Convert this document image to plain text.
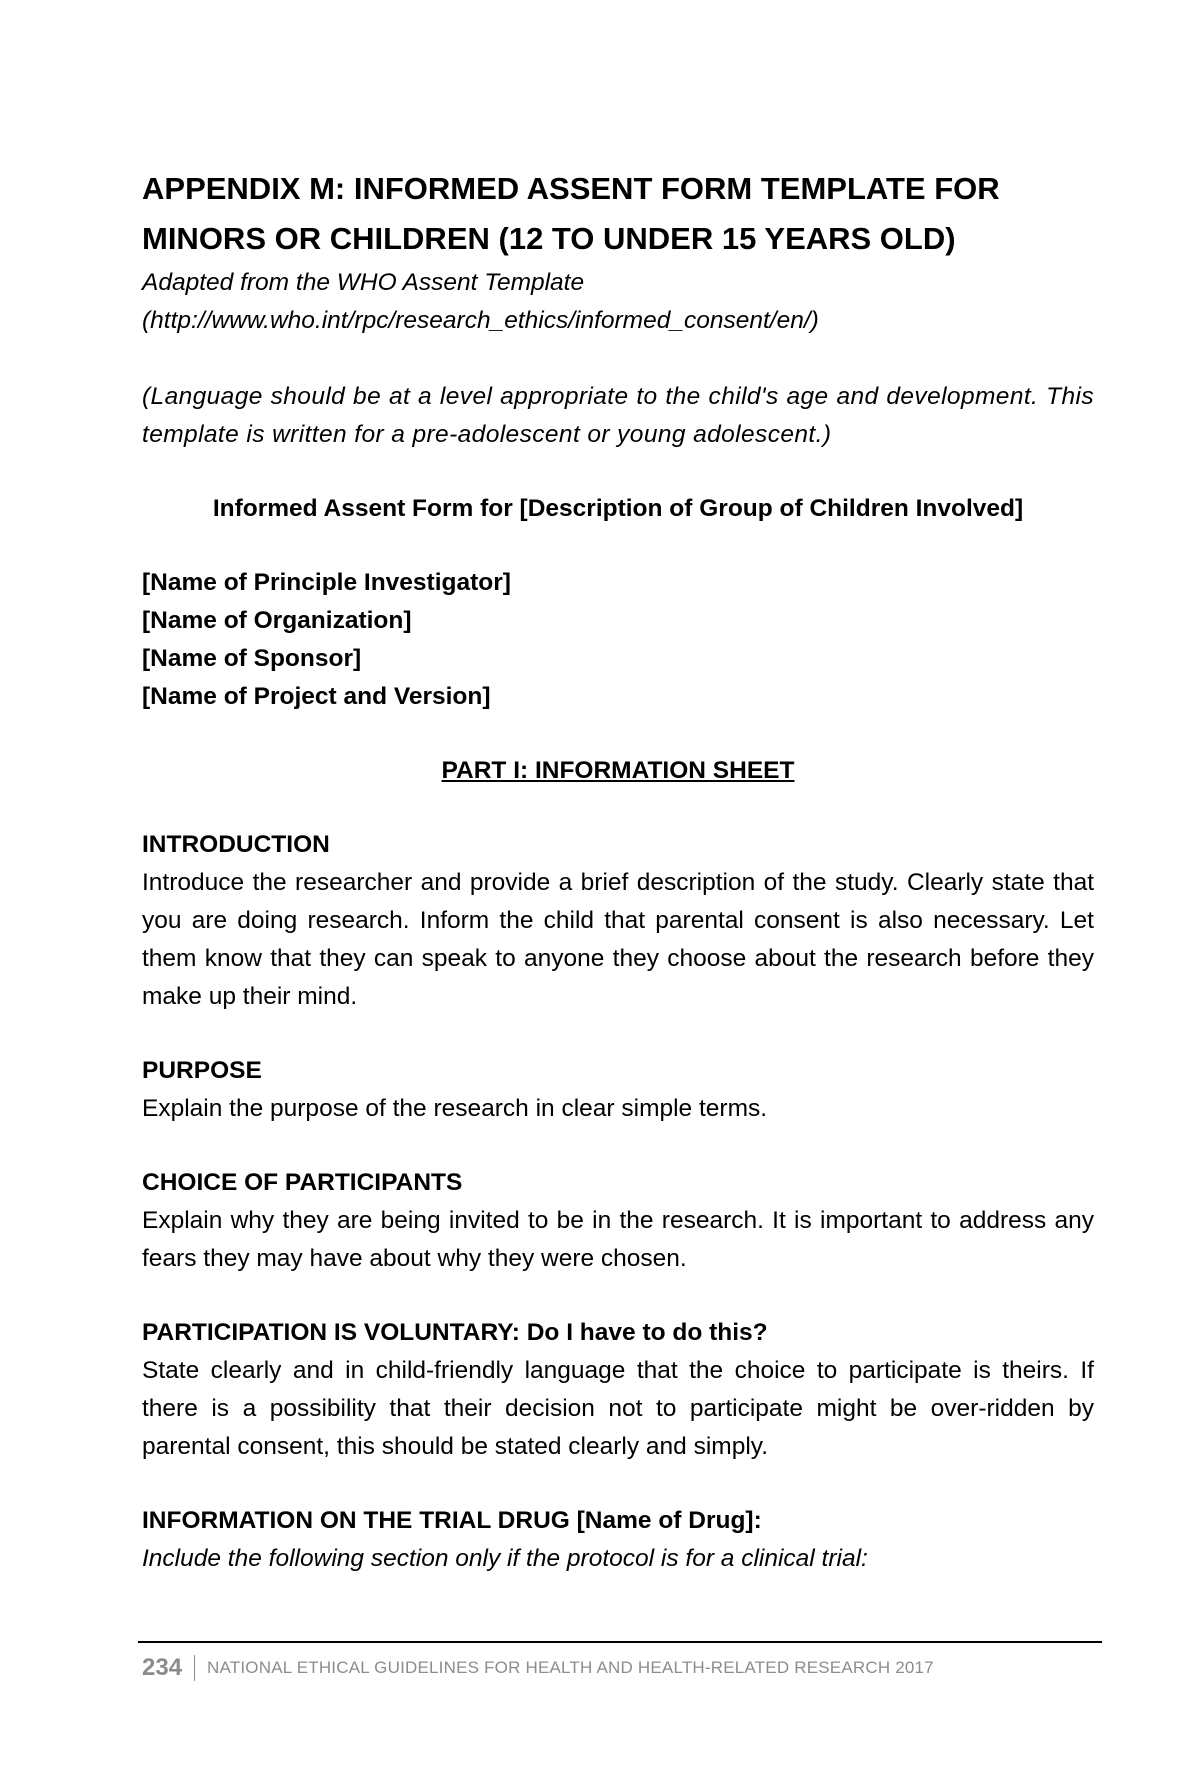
APPENDIX M: INFORMED ASSENT FORM TEMPLATE FOR

MINORS OR CHILDREN (12 TO UNDER 15 YEARS OLD)

Adapted from the WHO Assent Template

(http://www.who.int/rpc/research_ethics/informed_consent/en/)

(Language should be at a level appropriate to the child's age and development. This template is written for a pre-adolescent or young adolescent.)

Informed Assent Form for [Description of Group of Children Involved]

[Name of Principle Investigator]

[Name of Organization]

[Name of Sponsor]

[Name of Project and Version]

PART I: INFORMATION SHEET

INTRODUCTION

Introduce the researcher and provide a brief description of the study. Clearly state that you are doing research. Inform the child that parental consent is also necessary. Let them know that they can speak to anyone they choose about the research before they make up their mind.

PURPOSE

Explain the purpose of the research in clear simple terms.

CHOICE OF PARTICIPANTS

Explain why they are being invited to be in the research. It is important to address any fears they may have about why they were chosen.

PARTICIPATION IS VOLUNTARY: Do I have to do this?

State clearly and in child-friendly language that the choice to participate is theirs. If there is a possibility that their decision not to participate might be over-ridden by parental consent, this should be stated clearly and simply.

INFORMATION ON THE TRIAL DRUG [Name of Drug]:

Include the following section only if the protocol is for a clinical trial:

234 NATIONAL ETHICAL GUIDELINES FOR HEALTH AND HEALTH-RELATED RESEARCH 2017
